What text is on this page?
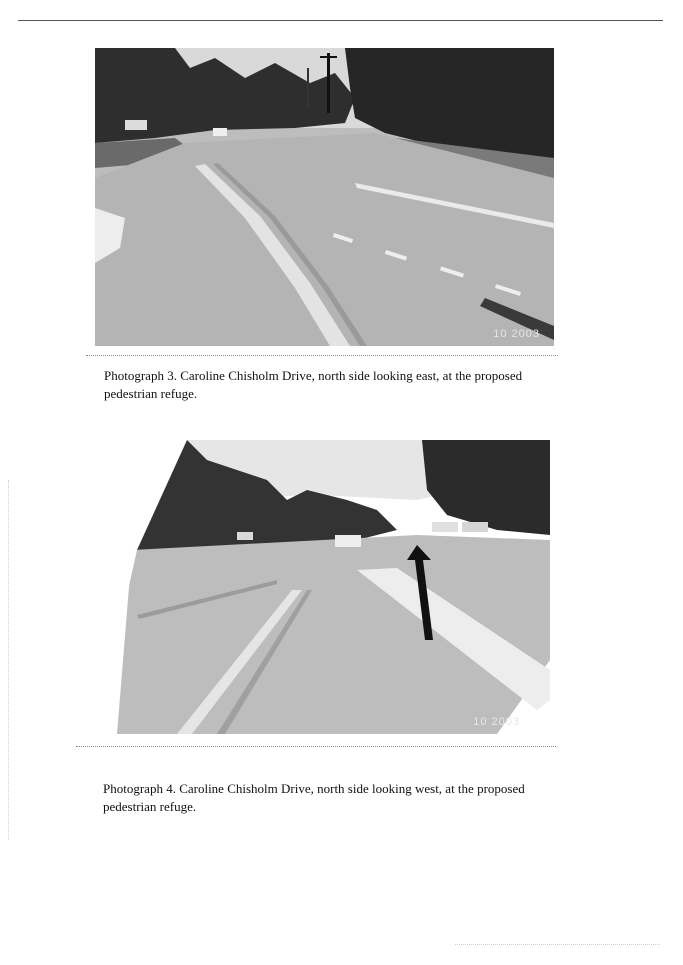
10 2003

Photograph 3. Caroline Chisholm Drive, north side looking east, at the proposed pedestrian refuge.

10 2003

Photograph 4. Caroline Chisholm Drive, north side looking west, at the proposed pedestrian refuge.
